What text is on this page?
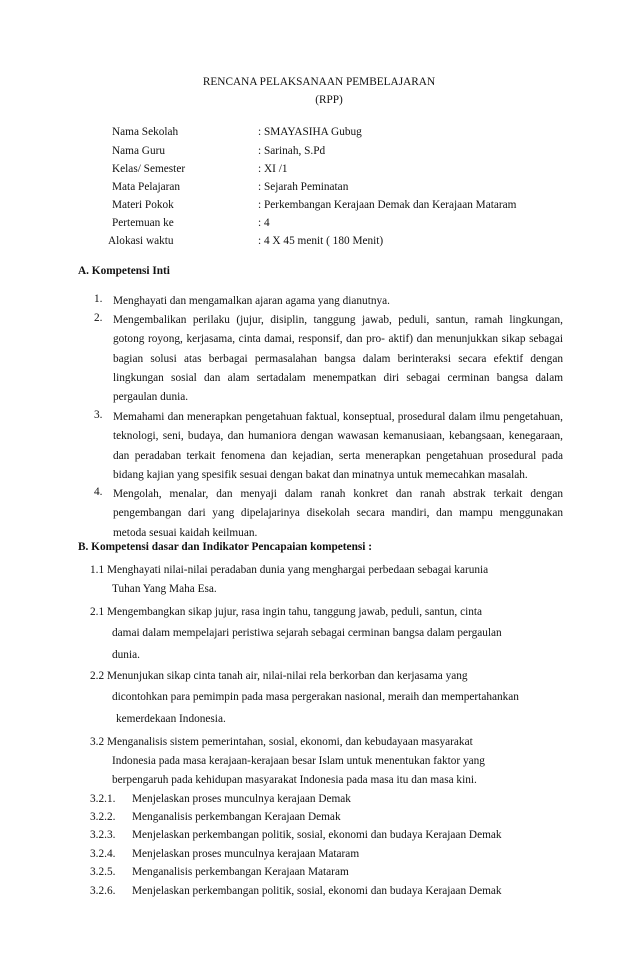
RENCANA PELAKSANAAN PEMBELAJARAN
(RPP)
Nama Sekolah	: SMAYASIHA Gubug
Nama Guru	: Sarinah, S.Pd
Kelas/ Semester	: XI /1
Mata Pelajaran	: Sejarah Peminatan
Materi Pokok	: Perkembangan Kerajaan Demak dan Kerajaan Mataram
Pertemuan ke	: 4
Alokasi waktu	: 4 X 45 menit ( 180 Menit)
A. Kompetensi Inti
1. Menghayati dan mengamalkan ajaran agama yang dianutnya.
2. Mengembalikan perilaku (jujur, disiplin, tanggung jawab, peduli, santun, ramah lingkungan, gotong royong, kerjasama, cinta damai, responsif, dan pro- aktif) dan menunjukkan sikap sebagai bagian solusi atas berbagai permasalahan bangsa dalam berinteraksi secara efektif dengan lingkungan sosial dan alam sertadalam menempatkan diri sebagai cerminan bangsa dalam pergaulan dunia.
3. Memahami dan menerapkan pengetahuan faktual, konseptual, prosedural dalam ilmu pengetahuan, teknologi, seni, budaya, dan humaniora dengan wawasan kemanusiaan, kebangsaan, kenegaraan, dan peradaban terkait fenomena dan kejadian, serta menerapkan pengetahuan prosedural pada bidang kajian yang spesifik sesuai dengan bakat dan minatnya untuk memecahkan masalah.
4. Mengolah, menalar, dan menyaji dalam ranah konkret dan ranah abstrak terkait dengan pengembangan dari yang dipelajarinya disekolah secara mandiri, dan mampu menggunakan metoda sesuai kaidah keilmuan.
B. Kompetensi dasar dan Indikator Pencapaian kompetensi :
1.1 Menghayati nilai-nilai peradaban dunia yang menghargai perbedaan sebagai karunia
Tuhan Yang Maha Esa.
2.1 Mengembangkan sikap jujur, rasa ingin tahu, tanggung jawab, peduli, santun, cinta
damai dalam mempelajari peristiwa sejarah sebagai cerminan bangsa dalam pergaulan
dunia.
2.2 Menunjukan sikap cinta tanah air, nilai-nilai rela berkorban dan kerjasama yang
dicontohkan para pemimpin pada masa pergerakan nasional, meraih dan mempertahankan
kemerdekaan Indonesia.
3.2 Menganalisis sistem pemerintahan, sosial, ekonomi, dan kebudayaan masyarakat
Indonesia pada masa kerajaan-kerajaan besar Islam untuk menentukan faktor yang
berpengaruh pada kehidupan masyarakat Indonesia pada masa itu dan masa kini.
3.2.1. Menjelaskan proses munculnya kerajaan Demak
3.2.2. Menganalisis perkembangan Kerajaan Demak
3.2.3. Menjelaskan perkembangan politik, sosial, ekonomi dan budaya Kerajaan Demak
3.2.4. Menjelaskan proses munculnya kerajaan Mataram
3.2.5. Menganalisis perkembangan Kerajaan Mataram
3.2.6. Menjelaskan perkembangan politik, sosial, ekonomi dan budaya Kerajaan Demak
